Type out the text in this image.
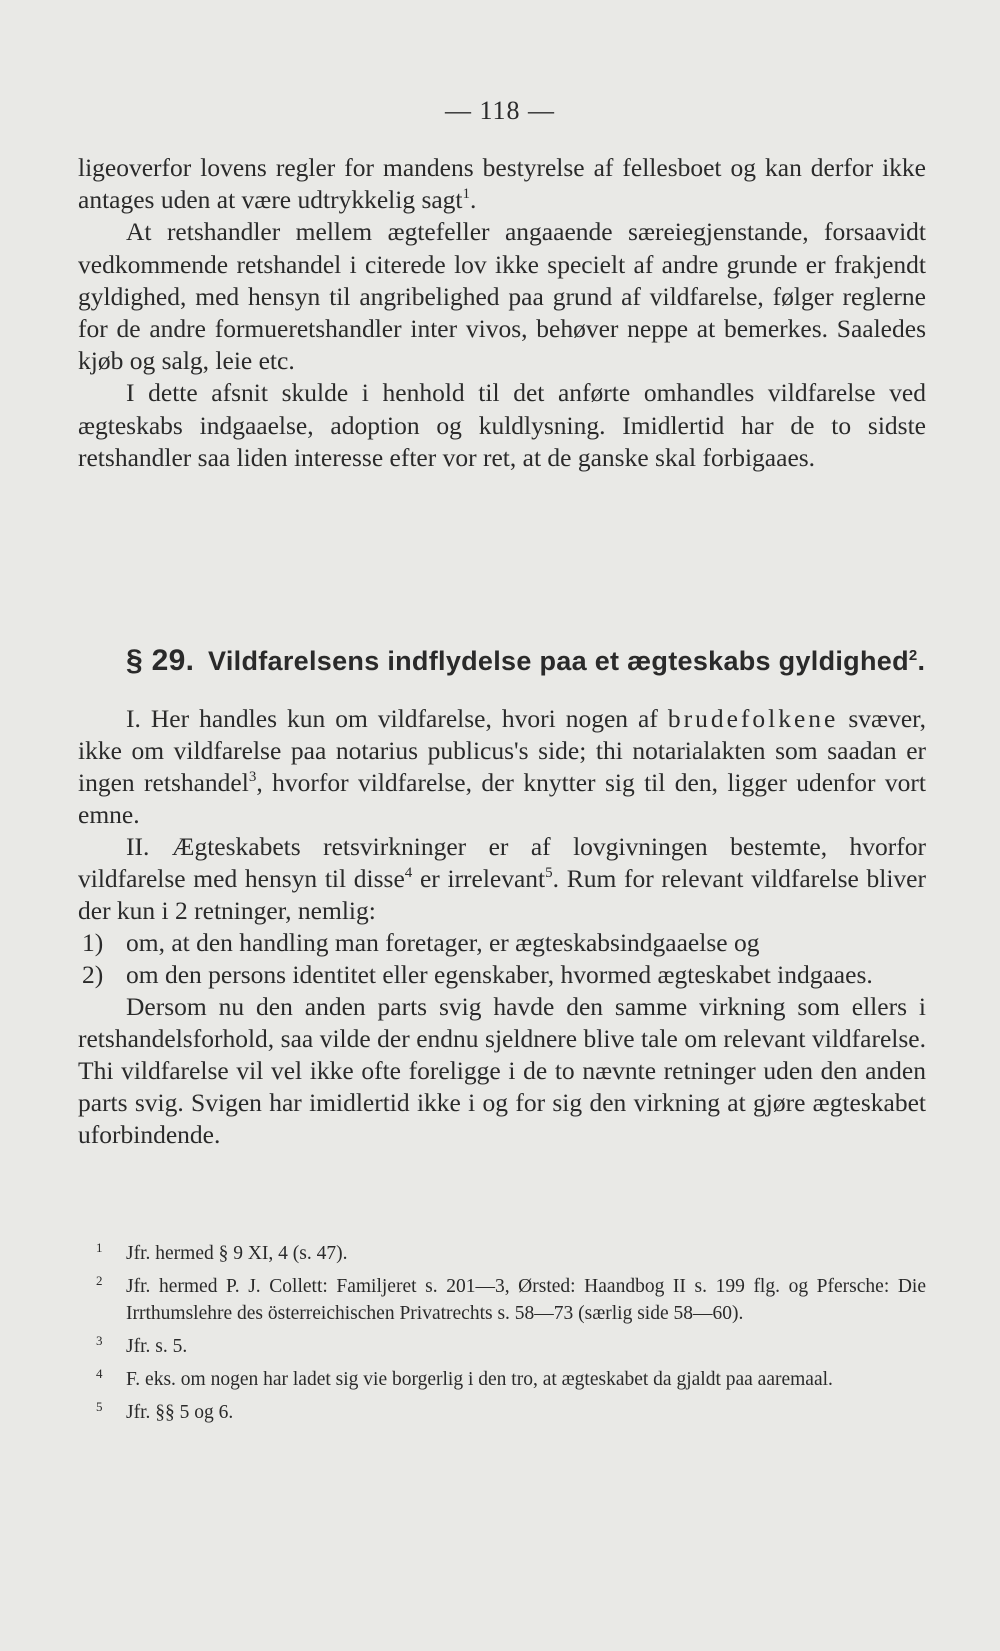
— 118 —

ligeoverfor lovens regler for mandens bestyrelse af fellesboet og kan derfor ikke antages uden at være udtrykkelig sagt$^1$.

At retshandler mellem ægtefeller angaaende særeiegjenstande, forsaavidt vedkommende retshandel i citerede lov ikke specielt af andre grunde er frakjendt gyldighed, med hensyn til angribelighed paa grund af vildfarelse, følger reglerne for de andre formueretshandler inter vivos, behøver neppe at bemerkes. Saaledes kjøb og salg, leie etc.

I dette afsnit skulde i henhold til det anførte omhandles vildfarelse ved ægteskabs indgaaelse, adoption og kuldlysning. Imidlertid har de to sidste retshandler saa liden interesse efter vor ret, at de ganske skal forbigaaes.

§ 29. Vildfarelsens indflydelse paa et ægteskabs gyldighed$^2$.

I. Her handles kun om vildfarelse, hvori nogen af brudefolkene svæver, ikke om vildfarelse paa notarius publicus's side; thi notarialakten som saadan er ingen retshandel$^3$, hvorfor vildfarelse, der knytter sig til den, ligger udenfor vort emne.

II. Ægteskabets retsvirkninger er af lovgivningen bestemte, hvorfor vildfarelse med hensyn til disse$^4$ er irrelevant$^5$. Rum for relevant vildfarelse bliver der kun i 2 retninger, nemlig:

1) om, at den handling man foretager, er ægteskabsindgaaelse og

2) om den persons identitet eller egenskaber, hvormed ægteskabet indgaaes.

Dersom nu den anden parts svig havde den samme virkning som ellers i retshandelsforhold, saa vilde der endnu sjeldnere blive tale om relevant vildfarelse. Thi vildfarelse vil vel ikke ofte foreligge i de to nævnte retninger uden den anden parts svig. Svigen har imidlertid ikke i og for sig den virkning at gjøre ægteskabet uforbindende.

1 Jfr. hermed § 9 XI, 4 (s. 47).
2 Jfr. hermed P. J. Collett: Familjeret s. 201—3, Ørsted: Haandbog II s. 199 flg. og Pfersche: Die Irrthumslehre des österreichischen Privatrechts s. 58—73 (særlig side 58—60).
3 Jfr. s. 5.
4 F. eks. om nogen har ladet sig vie borgerlig i den tro, at ægteskabet da gjaldt paa aaremaal.
5 Jfr. §§ 5 og 6.
